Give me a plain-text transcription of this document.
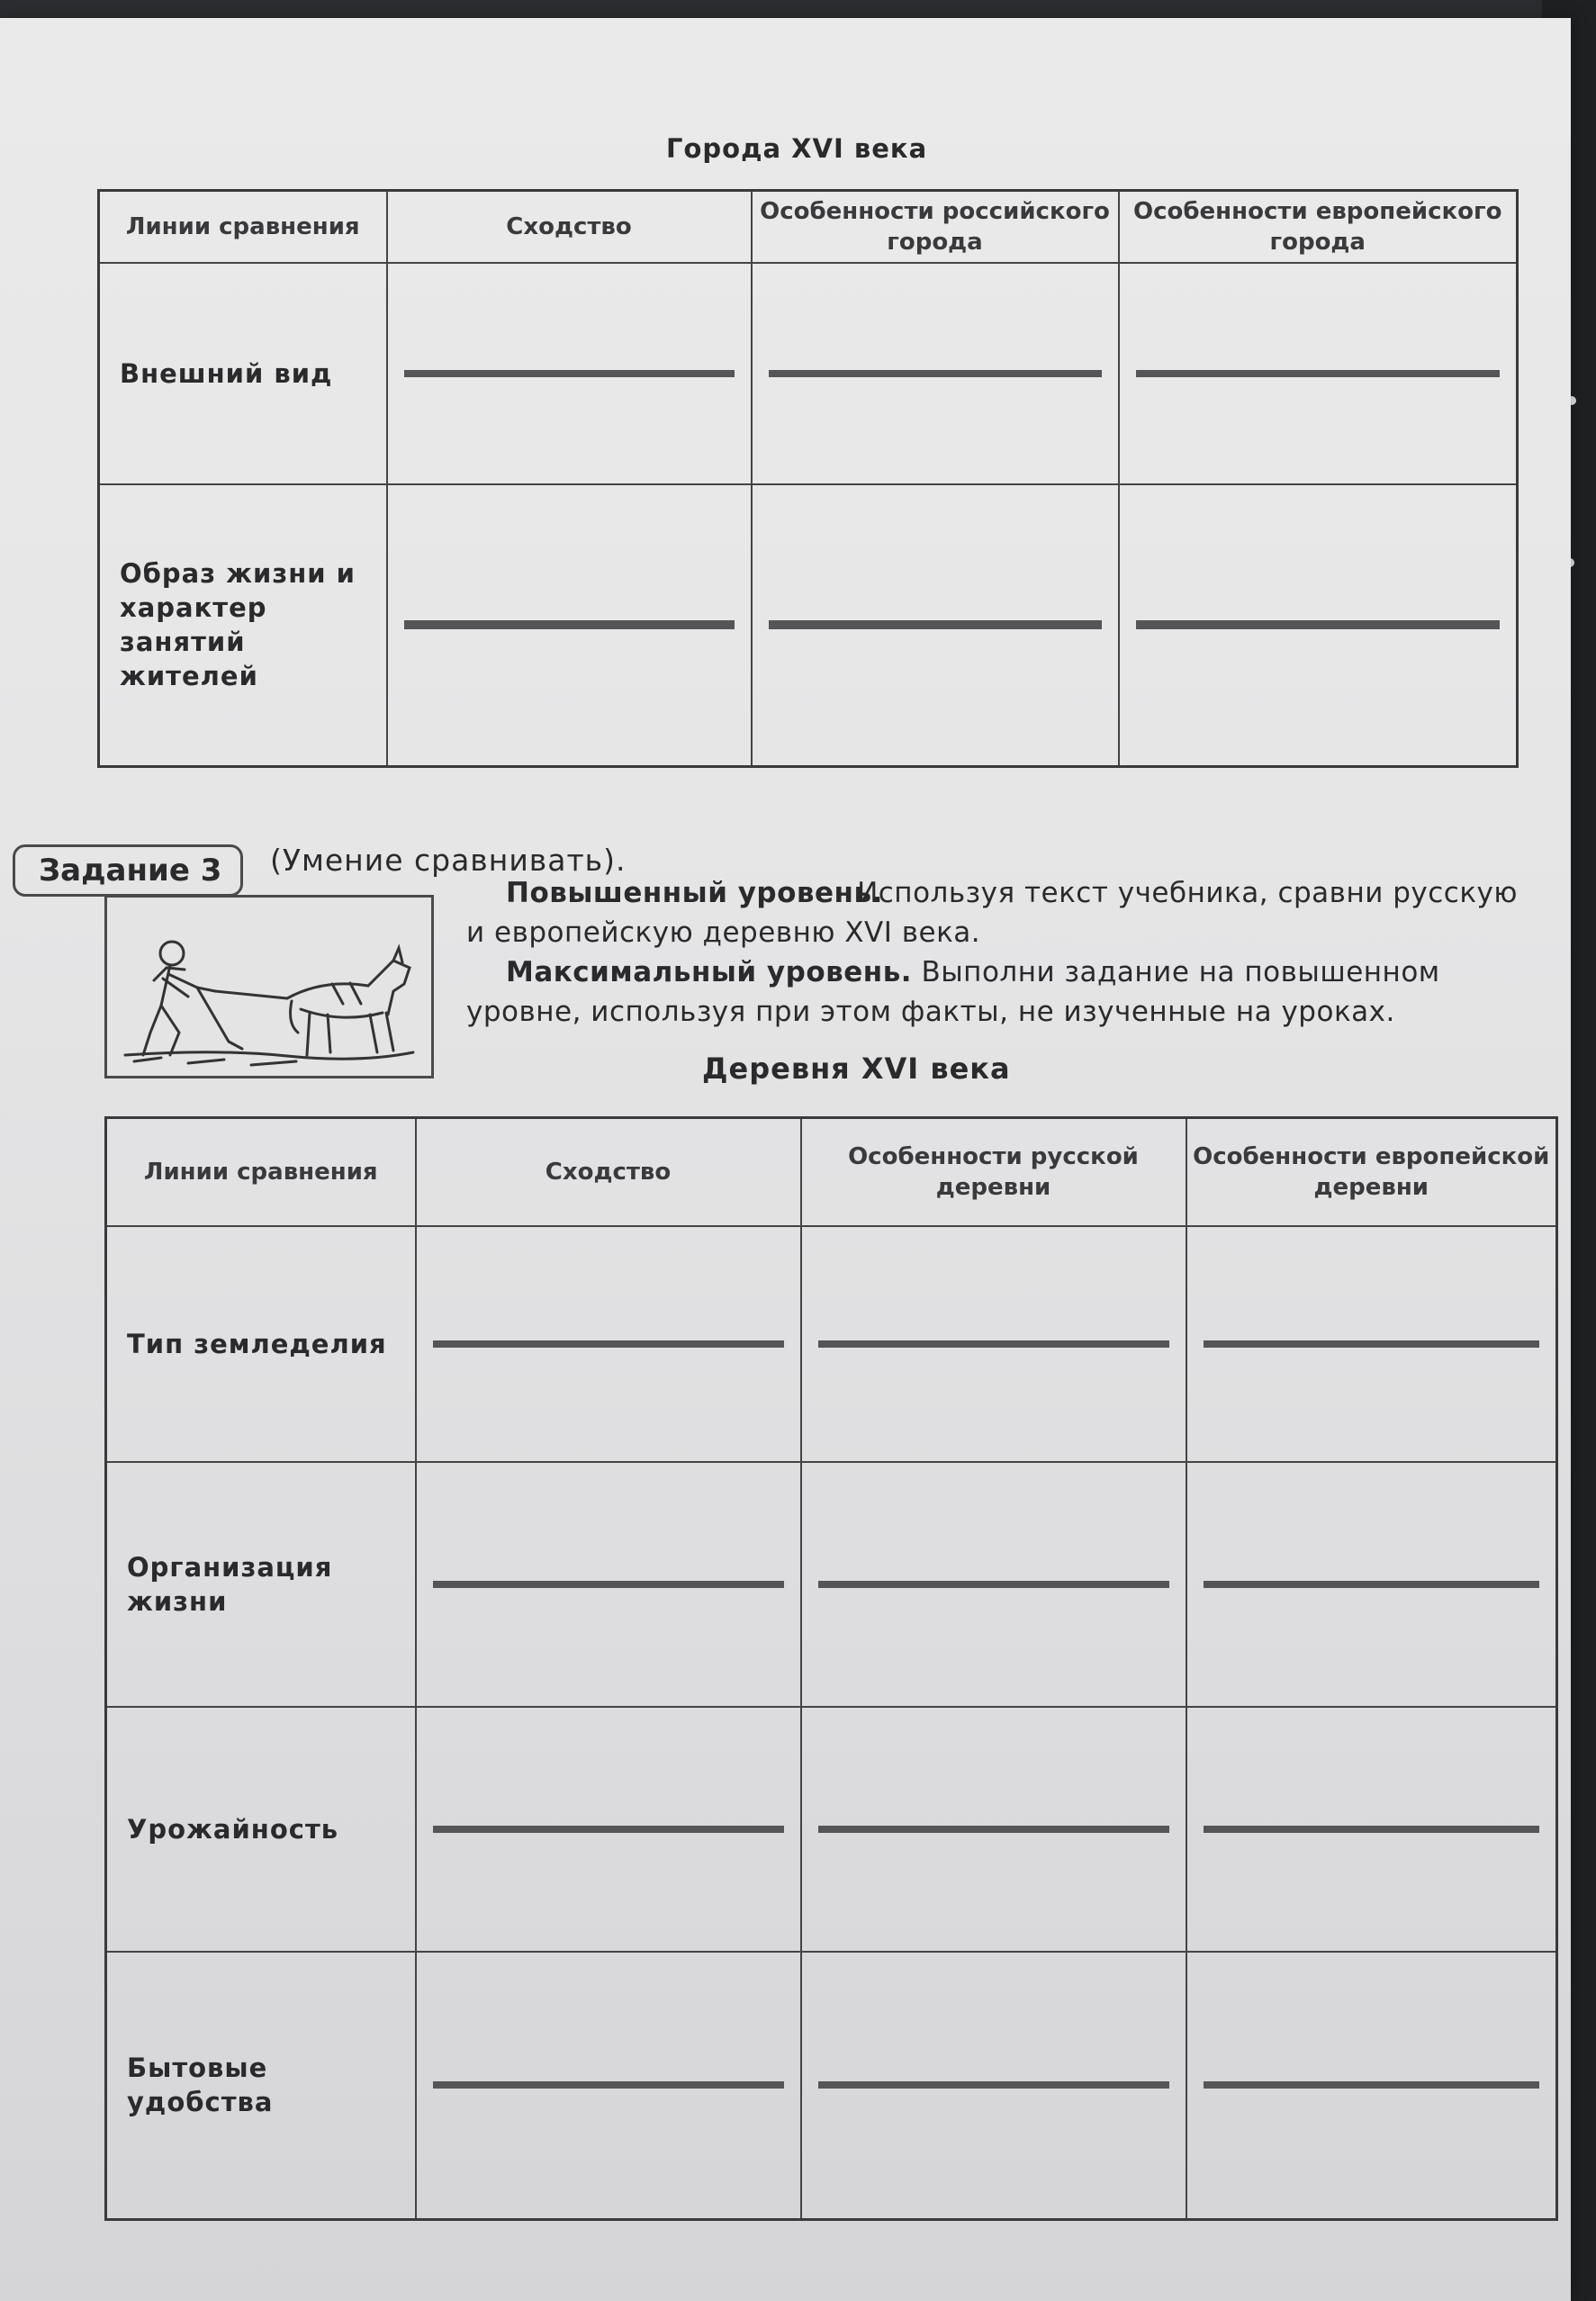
Города XVI века
Линии сравнения	Сходство	Особенности российского города	Особенности европейского города
Внешний вид	

Образ жизни и характер занятий жителей	

Задание 3	(Умение сравнивать).
Повышенный уровень.
Используя текст учебника, сравни русскую и европейскую деревню XVI века.
Максимальный уровень. Выполни задание на повышенном уровне, используя при этом факты, не изученные на уроках.
Деревня XVI века
Линии сравнения	Сходство	Особенности русской деревни	Особенности европейской деревни
Тип земледелия	

Организация жизни	

Урожайность	

Бытовые удобства	
